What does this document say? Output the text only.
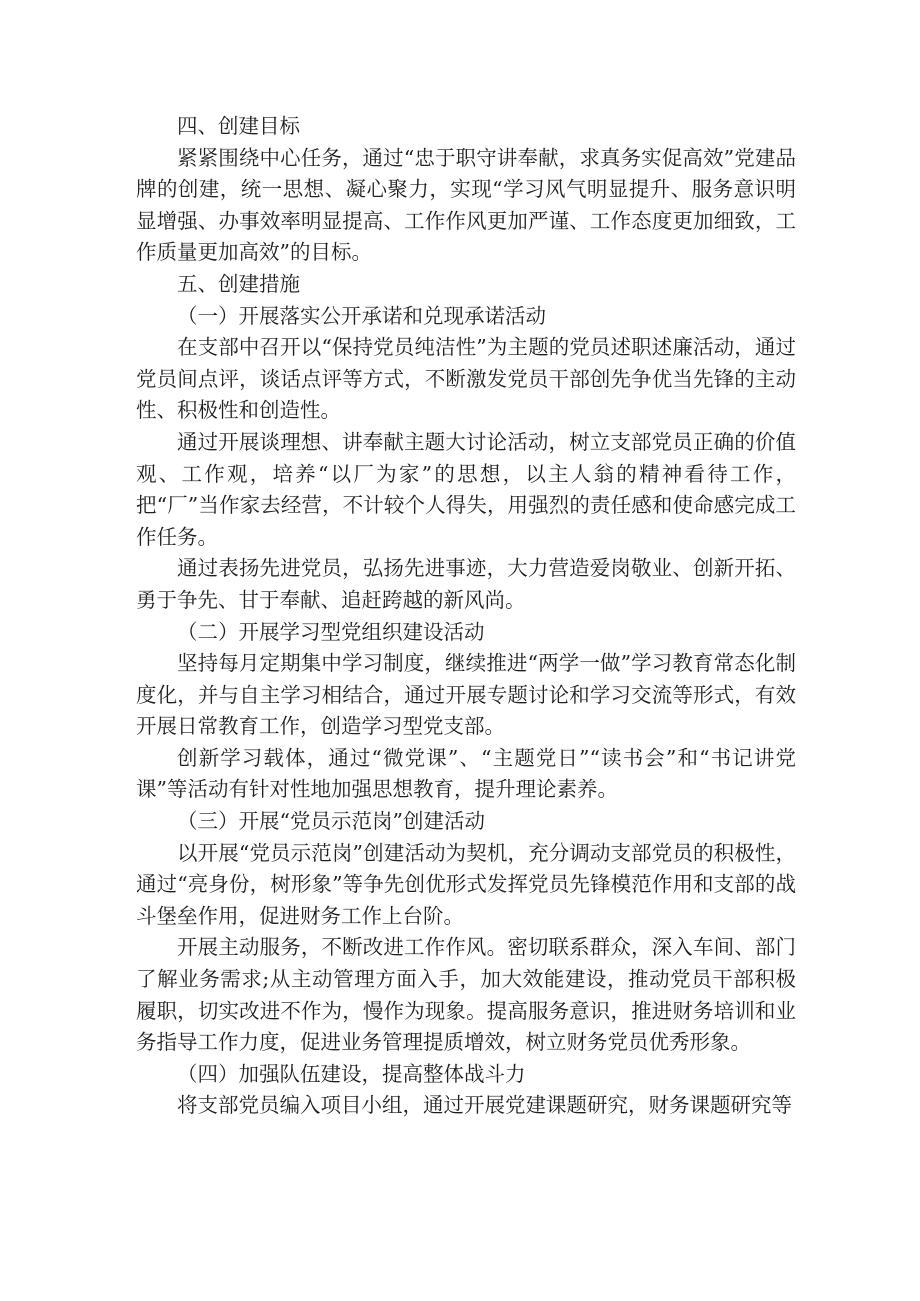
四、创建目标

紧紧围绕中心任务，通过“忠于职守讲奉献，求真务实促高效”党建品牌的创建，统一思想、凝心聚力，实现“学习风气明显提升、服务意识明显增强、办事效率明显提高、工作作风更加严谨、工作态度更加细致，工作质量更加高效”的目标。

五、创建措施

（一）开展落实公开承诺和兑现承诺活动

在支部中召开以“保持党员纯洁性”为主题的党员述职述廉活动，通过党员间点评，谈话点评等方式，不断激发党员干部创先争优当先锋的主动性、积极性和创造性。

通过开展谈理想、讲奉献主题大讨论活动，树立支部党员正确的价值观、工作观，培养“以厂为家”的思想，以主人翁的精神看待工作，把“厂”当作家去经营，不计较个人得失，用强烈的责任感和使命感完成工作任务。

通过表扬先进党员，弘扬先进事迹，大力营造爱岗敬业、创新开拓、勇于争先、甘于奉献、追赶跨越的新风尚。

（二）开展学习型党组织建设活动

坚持每月定期集中学习制度，继续推进“两学一做”学习教育常态化制度化，并与自主学习相结合，通过开展专题讨论和学习交流等形式，有效开展日常教育工作，创造学习型党支部。

创新学习载体，通过“微党课”、“主题党日”“读书会”和“书记讲党课”等活动有针对性地加强思想教育，提升理论素养。

（三）开展“党员示范岗”创建活动

以开展“党员示范岗”创建活动为契机，充分调动支部党员的积极性，通过“亮身份，树形象”等争先创优形式发挥党员先锋模范作用和支部的战斗堡垒作用，促进财务工作上台阶。

开展主动服务，不断改进工作作风。密切联系群众，深入车间、部门了解业务需求;从主动管理方面入手，加大效能建设，推动党员干部积极履职，切实改进不作为，慢作为现象。提高服务意识，推进财务培训和业务指导工作力度，促进业务管理提质增效，树立财务党员优秀形象。

（四）加强队伍建设，提高整体战斗力

将支部党员编入项目小组，通过开展党建课题研究，财务课题研究等
